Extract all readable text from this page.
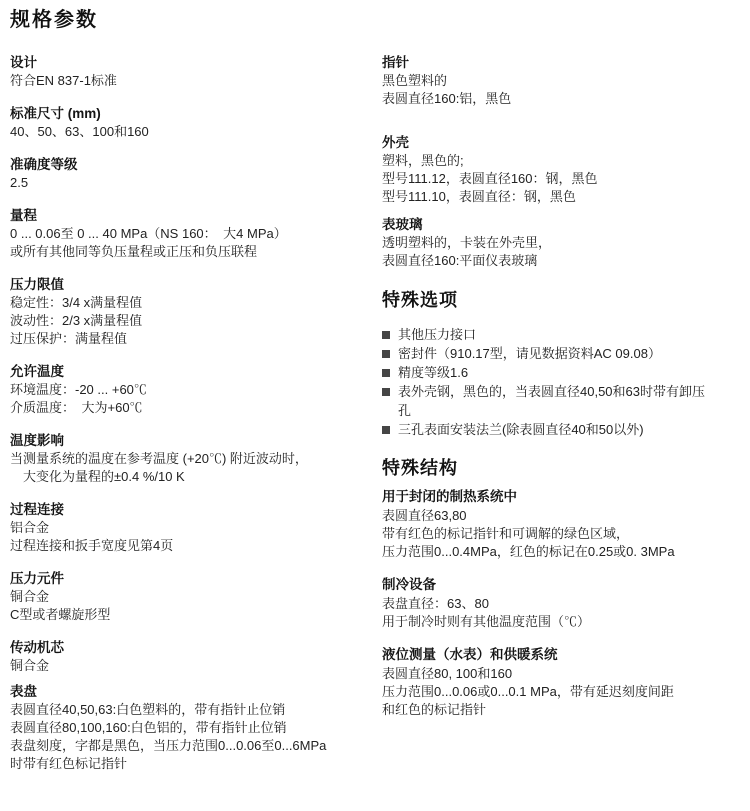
规格参数
设计
符合EN 837-1标准
标准尺寸 (mm)
40、50、63、100和160
准确度等级
2.5
量程
0 ... 0.06至 0 ... 40 MPa（NS 160：　大4 MPa）
或所有其他同等负压量程或正压和负压联程
压力限值
稳定性：3/4 x满量程值
波动性：2/3 x满量程值
过压保护：满量程值
允许温度
环境温度：-20 ... +60℃
介质温度：　大为+60℃
温度影响
当测量系统的温度在参考温度 (+20℃) 附近波动时，
　大变化为量程的±0.4 %/10 K
过程连接
铝合金
过程连接和扳手宽度见第4页
压力元件
铜合金
C型或者螺旋形型
传动机芯
铜合金
表盘
表圆直径40,50,63:白色塑料的，带有指针止位销
表圆直径80,100,160:白色铝的，带有指针止位销
表盘刻度，字都是黑色，当压力范围0...0.06至0...6MPa
时带有红色标记指针
指针
黑色塑料的
表圆直径160:铝，黑色
外壳
塑料，黑色的;
型号111.12，表圆直径160：钢，黑色
型号111.10，表圆直径：钢，黑色
表玻璃
透明塑料的，卡装在外壳里，
表圆直径160:平面仪表玻璃
特殊选项
其他压力接口
密封件（910.17型，请见数据资料AC 09.08）
精度等级1.6
表外壳钢，黑色的，当表圆直径40,50和63时带有卸压孔
三孔表面安装法兰(除表圆直径40和50以外)
特殊结构
用于封闭的制热系统中
表圆直径63,80
带有红色的标记指针和可调解的绿色区域，
压力范围0...0.4MPa，红色的标记在0.25或0. 3MPa
制冷设备
表盘直径：63、80
用于制冷时则有其他温度范围（℃）
液位测量（水表）和供暖系统
表圆直径80, 100和160
压力范围0...0.06或0...0.1 MPa，带有延迟刻度间距
和红色的标记指针
